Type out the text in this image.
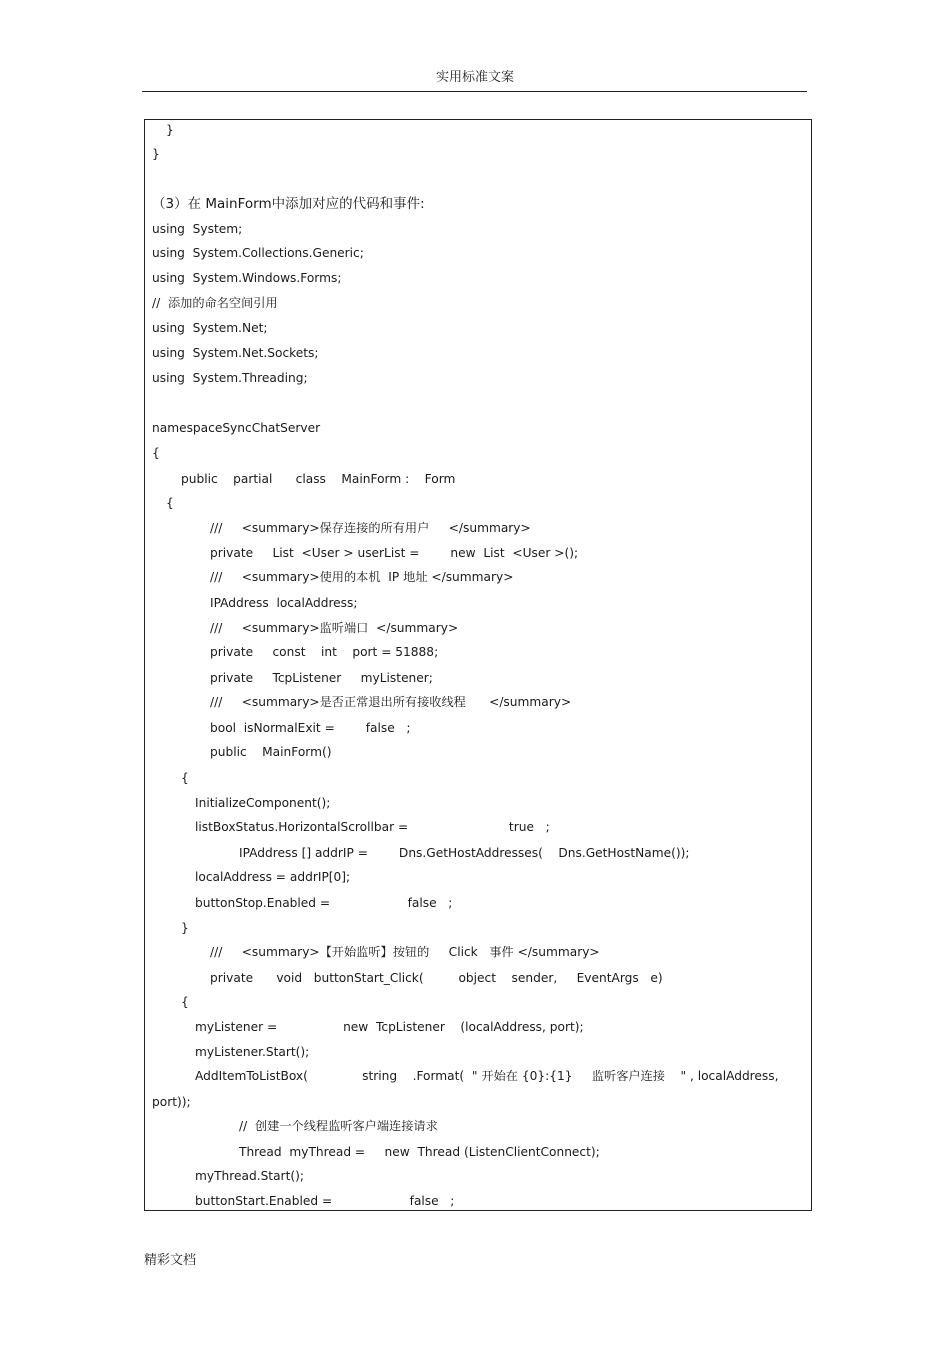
实用标准文案
}
}
（3）在 MainForm中添加对应的代码和事件:
using  System;
using  System.Collections.Generic;
using  System.Windows.Forms;
//  添加的命名空间引用
using  System.Net;
using  System.Net.Sockets;
using  System.Threading;
namespaceSyncChatServer
{
public    partial      class    MainForm :    Form
{
///     <summary>保存连接的所有用户     </summary>
private     List  <User > userList =        new  List  <User >();
///     <summary>使用的本机  IP 地址 </summary>
IPAddress  localAddress;
///     <summary>监听端口  </summary>
private     const    int    port = 51888;
private     TcpListener     myListener;
///     <summary>是否正常退出所有接收线程      </summary>
bool  isNormalExit =        false   ;
public    MainForm()
{
InitializeComponent();
listBoxStatus.HorizontalScrollbar =                          true   ;
IPAddress [] addrIP =        Dns.GetHostAddresses(    Dns.GetHostName());
localAddress = addrIP[0];
buttonStop.Enabled =                    false   ;
}
///     <summary>【开始监听】按钮的     Click   事件 </summary>
private      void   buttonStart_Click(         object    sender,     EventArgs   e)
{
myListener =                 new  TcpListener    (localAddress, port);
myListener.Start();
AddItemToListBox(              string    .Format(  " 开始在 {0}:{1}     监听客户连接    " , localAddress,
port));
//  创建一个线程监听客户端连接请求
Thread  myThread =     new  Thread (ListenClientConnect);
myThread.Start();
buttonStart.Enabled =                    false   ;
精彩文档
